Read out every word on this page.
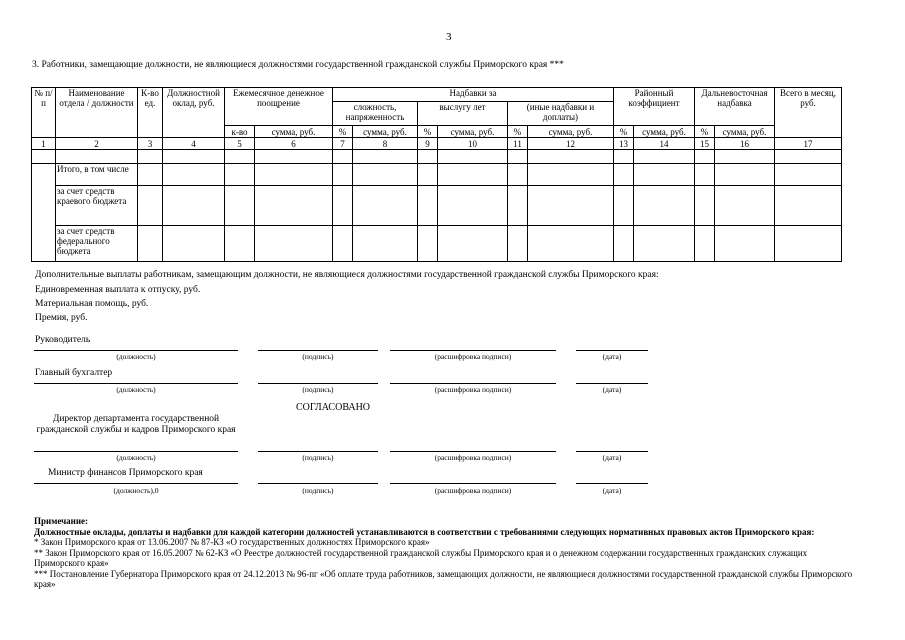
3
3. Работники, замещающие должности, не являющиеся должностями государственной гражданской службы Приморского края ***
№ п/п	Наименование отдела / должности	К-во ед.	Должностной оклад, руб.	Ежемесячное денежное поощрение		Надбавки за						Районный коэффициент		Дальневосточная надбавка		Всего в месяц, руб.
						сложность, напряженность		выслугу лет		(иные надбавки и доплаты)						
				к-во	сумма, руб.	%	сумма, руб.	%	сумма, руб.	%	сумма, руб.	%	сумма, руб.	%	сумма, руб.	
1	2	3	4	5	6	7	8	9	10	11	12	13	14	15	16	17

	Итого, в том числе															
	за счет средств краевого бюджета															
	за счет средств федерального бюджета															
Дополнительные выплаты работникам, замещающим должности, не являющиеся должностями государственной гражданской службы Приморского края:
Единовременная выплата к отпуску, руб.
Материальная помощь, руб.
Премия, руб.
Руководитель
(должность)	(подпись)	(расшифровка подписи)	(дата)
Главный бухгалтер
(должность)	(подпись)	(расшифровка подписи)	(дата)
СОГЛАСОВАНО
Директор департамента государственной гражданской службы и кадров Приморского края
(должность)	(подпись)	(расшифровка подписи)	(дата)
Министр финансов Приморского края
(должность),0	(подпись)	(расшифровка подписи)	(дата)
Примечание:
Должностные оклады, доплаты и надбавки для каждой категории должностей устанавливаются в соответствии с требованиями следующих нормативных правовых актов Приморского края:
* Закон Приморского края от 13.06.2007 № 87-КЗ «О государственных должностях Приморского края»
** Закон Приморского края от 16.05.2007 № 62-КЗ «О Реестре должностей государственной гражданской службы Приморского края и о денежном содержании государственных гражданских служащих Приморского края»
*** Постановление Губернатора Приморского края от 24.12.2013 № 96-пг «Об оплате труда работников, замещающих должности, не являющиеся должностями государственной гражданской службы Приморского края»
